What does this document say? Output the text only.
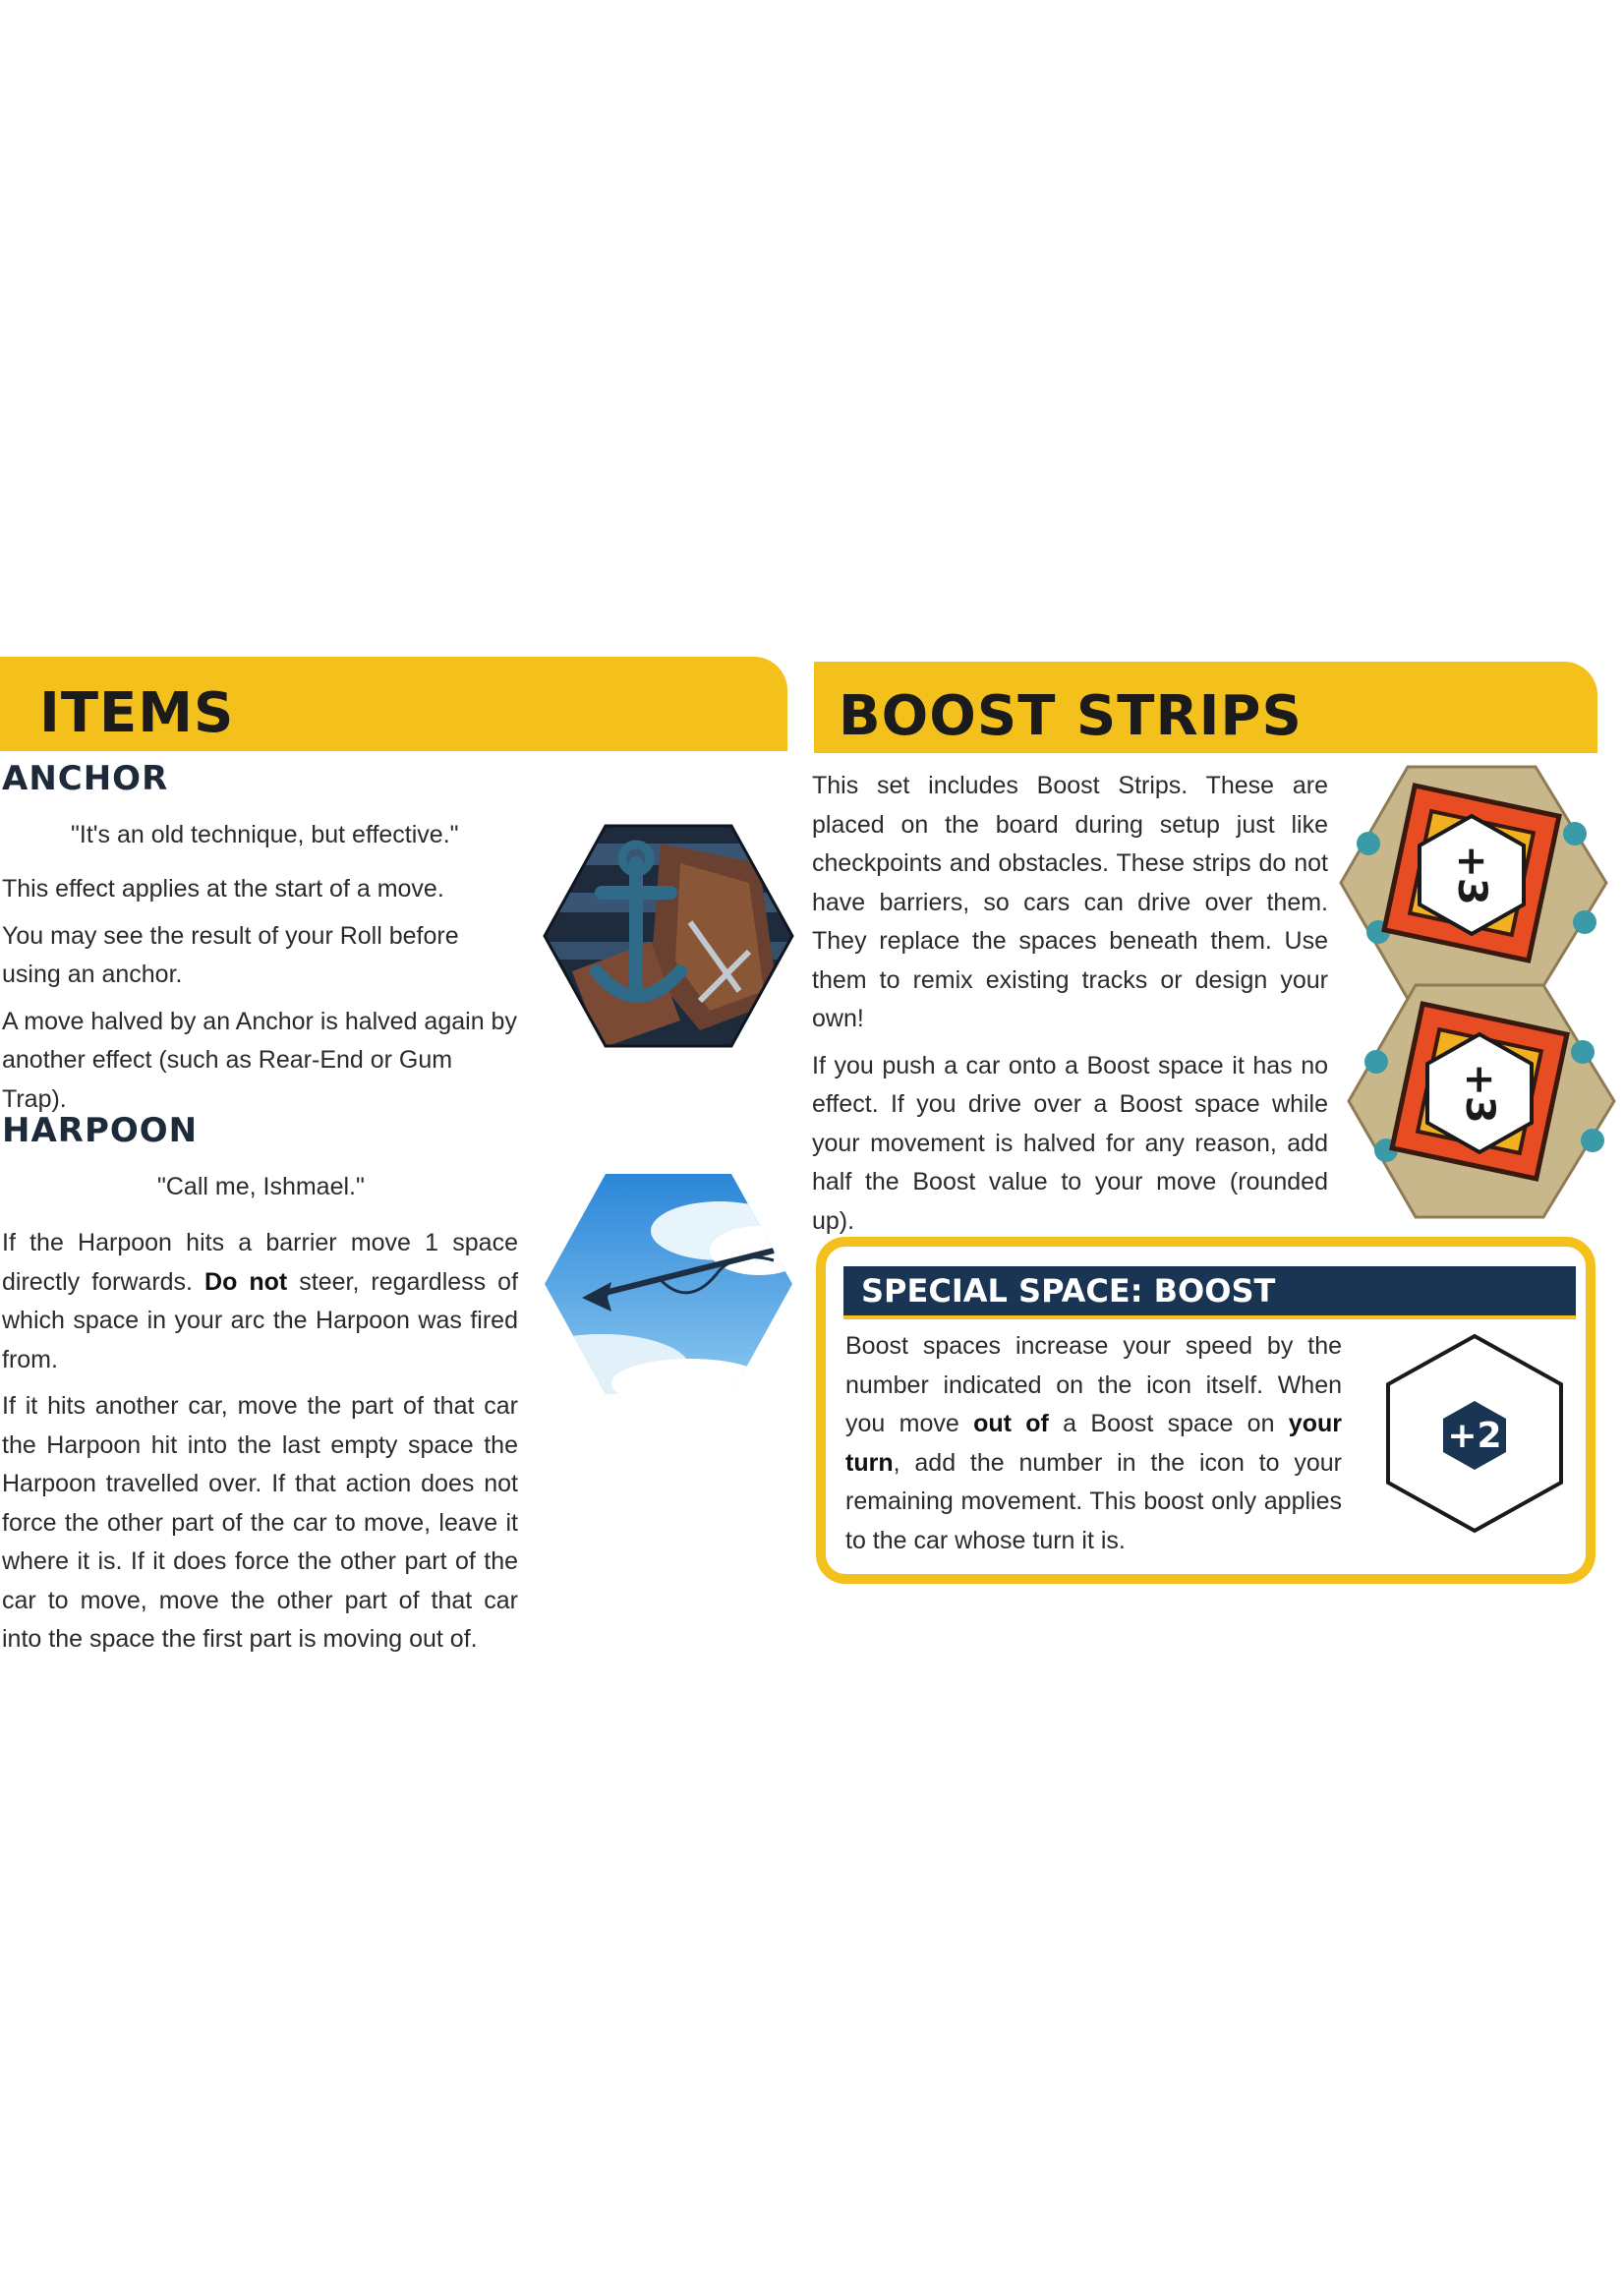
ITEMS
ANCHOR
"It's an old technique, but effective."

This effect applies at the start of a move.

You may see the result of your Roll before using an anchor.

A move halved by an Anchor is halved again by another effect (such as Rear-End or Gum Trap).

HARPOON
"Call me, Ishmael."

If the Harpoon hits a barrier move 1 space directly forwards. Do not steer, regardless of which space in your arc the Harpoon was fired from.

If it hits another car, move the part of that car the Harpoon hit into the last empty space the Harpoon travelled over. If that action does not force the other part of the car to move, leave it where it is. If it does force the other part of the car to move, move the other part of that car into the space the first part is moving out of.

BOOST STRIPS

This set includes Boost Strips. These are placed on the board during setup just like checkpoints and obstacles. These strips do not have barriers, so cars can drive over them. They replace the spaces beneath them. Use them to remix existing tracks or design your own!

If you push a car onto a Boost space it has no effect. If you drive over a Boost space while your movement is halved for any reason, add half the Boost value to your move (rounded up).

+3
+3
SPECIAL SPACE: BOOST

Boost spaces increase your speed by the number indicated on the icon itself. When you move out of a Boost space on your turn, add the number in the icon to your remaining movement. This boost only applies to the car whose turn it is.

+2
